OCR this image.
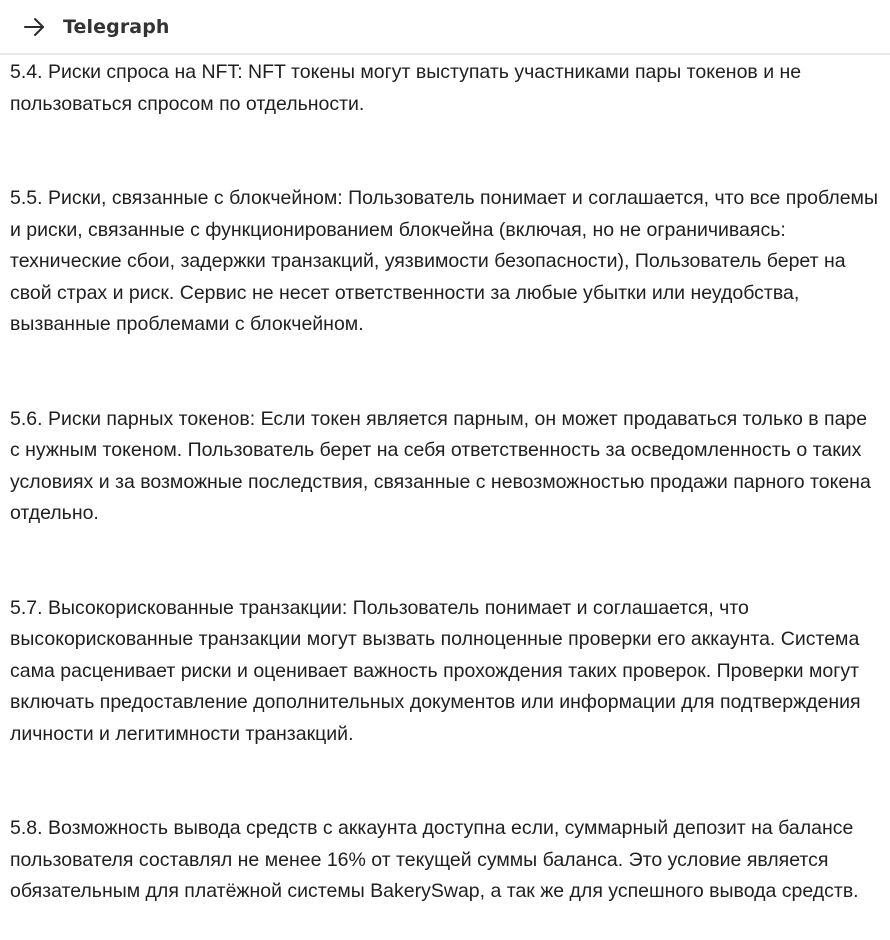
Telegraph

5.4. Риски спроса на NFT: NFT токены могут выступать участниками пары токенов и не пользоваться спросом по отдельности.

5.5. Риски, связанные с блокчейном: Пользователь понимает и соглашается, что все проблемы и риски, связанные с функционированием блокчейна (включая, но не ограничиваясь: технические сбои, задержки транзакций, уязвимости безопасности), Пользователь берет на свой страх и риск. Сервис не несет ответственности за любые убытки или неудобства, вызванные проблемами с блокчейном.

5.6. Риски парных токенов: Если токен является парным, он может продаваться только в паре с нужным токеном. Пользователь берет на себя ответственность за осведомленность о таких условиях и за возможные последствия, связанные с невозможностью продажи парного токена отдельно.

5.7. Высокорискованные транзакции: Пользователь понимает и соглашается, что высокорискованные транзакции могут вызвать полноценные проверки его аккаунта. Система сама расценивает риски и оценивает важность прохождения таких проверок. Проверки могут включать предоставление дополнительных документов или информации для подтверждения личности и легитимности транзакций.

5.8. Возможность вывода средств с аккаунта доступна если, суммарный депозит на балансе пользователя составлял не менее 16% от текущей суммы баланса. Это условие является обязательным для платёжной системы BakerySwap, а так же для успешного вывода средств.
